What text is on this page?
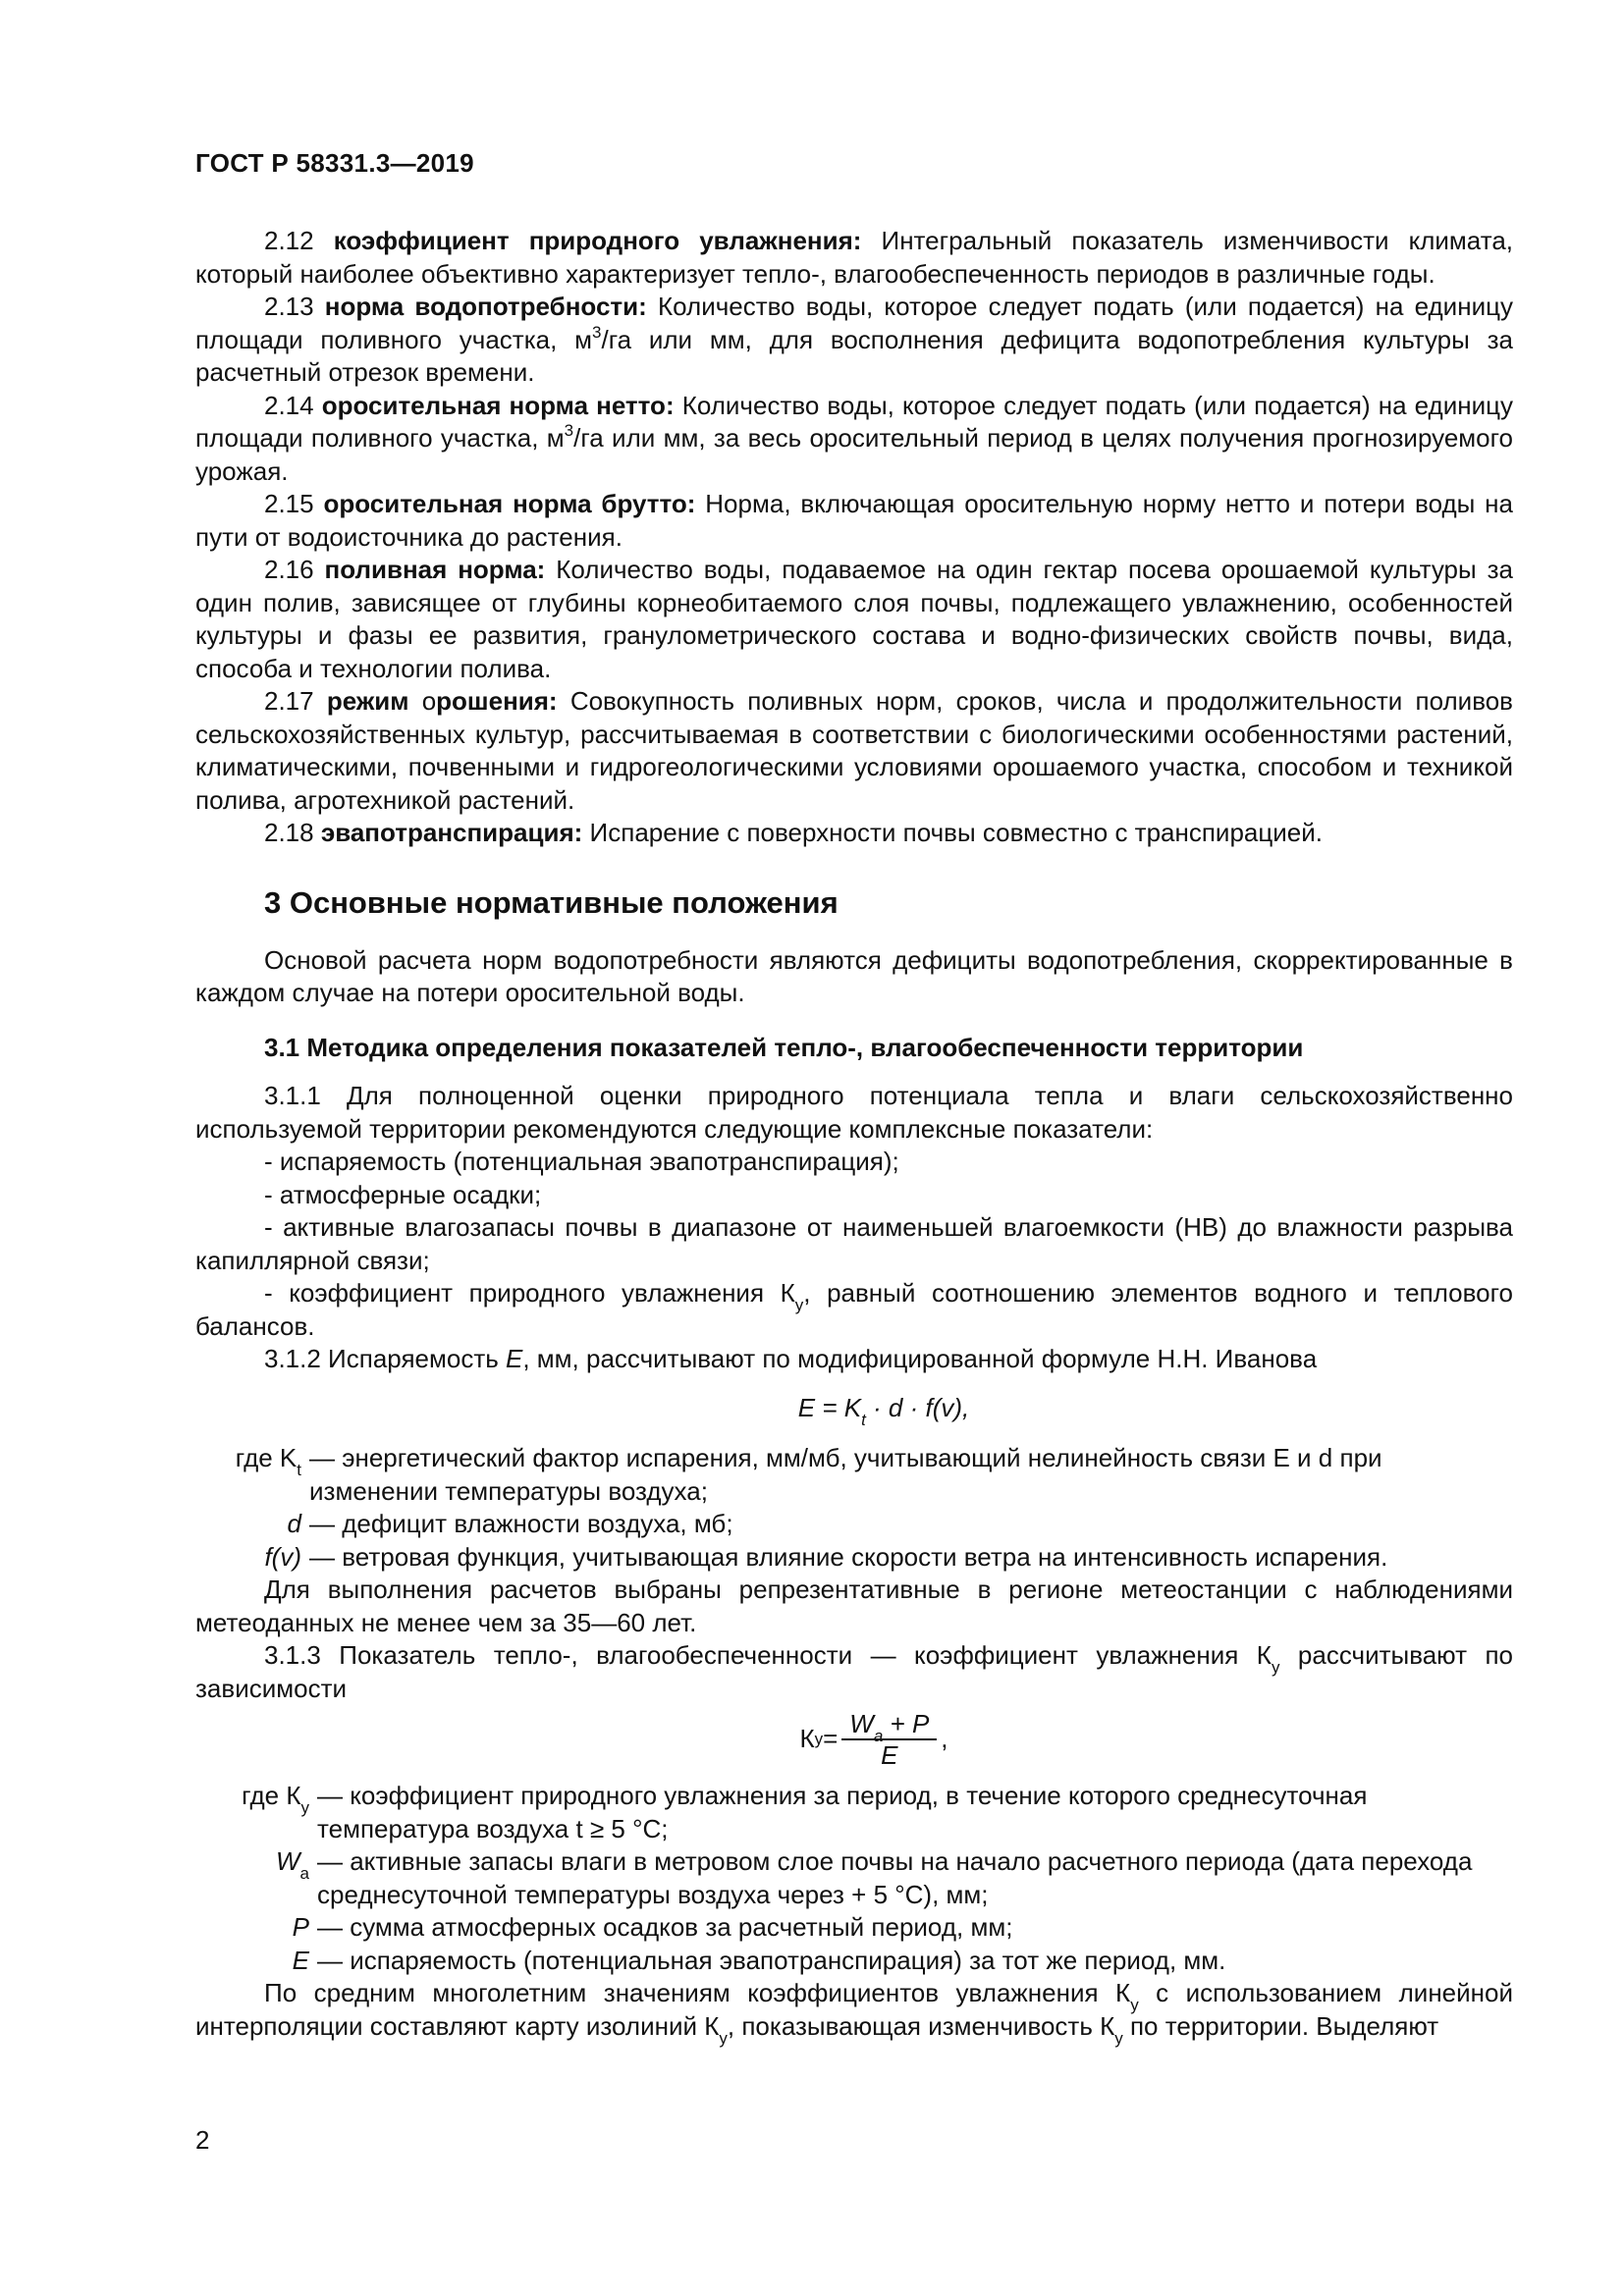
ГОСТ Р 58331.3—2019

2.12 коэффициент природного увлажнения: Интегральный показатель изменчивости климата, который наиболее объективно характеризует тепло-, влагообеспеченность периодов в различные годы.

2.13 норма водопотребности: Количество воды, которое следует подать (или подается) на единицу площади поливного участка, $м^3/га$ или мм, для восполнения дефицита водопотребления культуры за расчетный отрезок времени.

2.14 оросительная норма нетто: Количество воды, которое следует подать (или подается) на единицу площади поливного участка, $м^3/га$ или мм, за весь оросительный период в целях получения прогнозируемого урожая.

2.15 оросительная норма брутто: Норма, включающая оросительную норму нетто и потери воды на пути от водоисточника до растения.

2.16 поливная норма: Количество воды, подаваемое на один гектар посева орошаемой культуры за один полив, зависящее от глубины корнеобитаемого слоя почвы, подлежащего увлажнению, особенностей культуры и фазы ее развития, гранулометрического состава и водно-физических свойств почвы, вида, способа и технологии полива.

2.17 режим орошения: Совокупность поливных норм, сроков, числа и продолжительности поливов сельскохозяйственных культур, рассчитываемая в соответствии с биологическими особенностями растений, климатическими, почвенными и гидрогеологическими условиями орошаемого участка, способом и техникой полива, агротехникой растений.

2.18 эвапотранспирация: Испарение с поверхности почвы совместно с транспирацией.

3 Основные нормативные положения

Основой расчета норм водопотребности являются дефициты водопотребления, скорректированные в каждом случае на потери оросительной воды.

3.1 Методика определения показателей тепло-, влагообеспеченности территории

3.1.1 Для полноценной оценки природного потенциала тепла и влаги сельскохозяйственно используемой территории рекомендуются следующие комплексные показатели:

- испаряемость (потенциальная эвапотранспирация);

- атмосферные осадки;

- активные влагозапасы почвы в диапазоне от наименьшей влагоемкости (НВ) до влажности разрыва капиллярной связи;

- коэффициент природного увлажнения $К_у$, равный соотношению элементов водного и теплового балансов.

3.1.2 Испаряемость E, мм, рассчитывают по модифицированной формуле Н.Н. Иванова

$E = K_t \cdot d \cdot f(v)$,
где $K_t$ — энергетический фактор испарения, мм/мб, учитывающий нелинейность связи E и d при изменении температуры воздуха;
d — дефицит влажности воздуха, мб;
f(v) — ветровая функция, учитывающая влияние скорости ветра на интенсивность испарения.

Для выполнения расчетов выбраны репрезентативные в регионе метеостанции с наблюдениями метеоданных не менее чем за 35—60 лет.

3.1.3 Показатель тепло-, влагообеспеченности — коэффициент увлажнения $К_у$ рассчитывают по зависимости

К $у = \frac{W_a + P}{E}$ ,
где $К_у$ — коэффициент природного увлажнения за период, в течение которого среднесуточная температура воздуха t ≥ 5 °С;
$W_a$ — активные запасы влаги в метровом слое почвы на начало расчетного периода (дата перехода среднесуточной температуры воздуха через + 5 °С), мм;
P — сумма атмосферных осадков за расчетный период, мм;
E — испаряемость (потенциальная эвапотранспирация) за тот же период, мм.

По средним многолетним значениям коэффициентов увлажнения $К_у$ с использованием линейной интерполяции составляют карту изолиний $К_у$, показывающая изменчивость $К_у$ по территории. Выделяют

2
